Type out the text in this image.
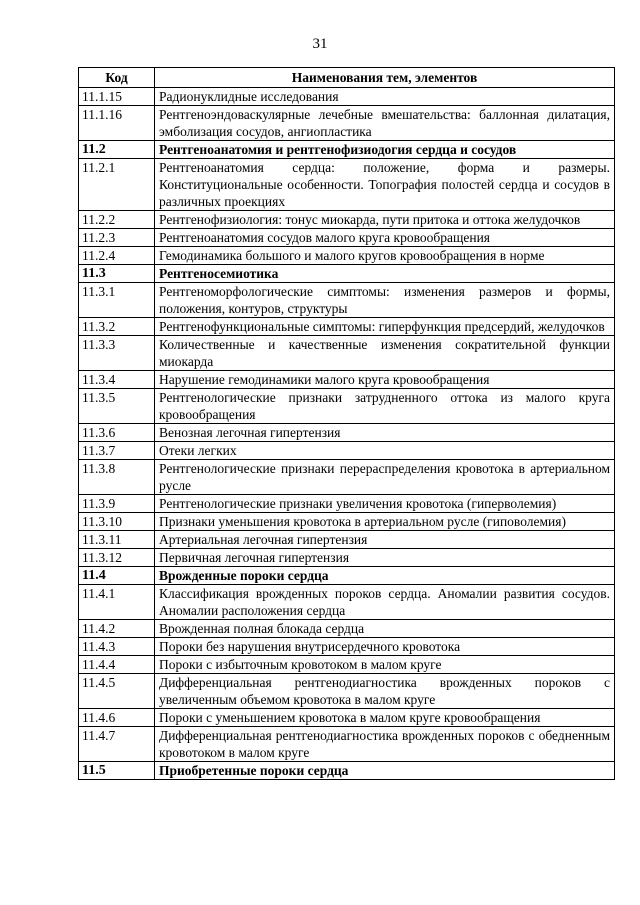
31
Код	Наименования тем, элементов
11.1.15	Радионуклидные исследования
11.1.16	Рентгеноэндоваскулярные лечебные вмешательства: баллонная дилатация, эмболизация сосудов, ангиопластика
11.2	Рентгеноанатомия и рентгенофизиодогия сердца и сосудов
11.2.1	Рентгеноанатомия сердца: положение, форма и размеры. Конституциональные особенности. Топография полостей сердца и сосудов в различных проекциях
11.2.2	Рентгенофизиология: тонус миокарда, пути притока и оттока желудочков
11.2.3	Рентгеноанатомия сосудов малого круга кровообращения
11.2.4	Гемодинамика большого и малого кругов кровообращения в норме
11.3	Рентгеносемиотика
11.3.1	Рентгеноморфологические симптомы: изменения размеров и формы, положения, контуров, структуры
11.3.2	Рентгенофункциональные симптомы: гиперфункция предсердий, желудочков
11.3.3	Количественные и качественные изменения сократительной функции миокарда
11.3.4	Нарушение гемодинамики малого круга кровообращения
11.3.5	Рентгенологические признаки затрудненного оттока из малого круга кровообращения
11.3.6	Венозная легочная гипертензия
11.3.7	Отеки легких
11.3.8	Рентгенологические признаки перераспределения кровотока в артериальном русле
11.3.9	Рентгенологические признаки увеличения кровотока (гиперволемия)
11.3.10	Признаки уменьшения кровотока в артериальном русле (гиповолемия)
11.3.11	Артериальная легочная гипертензия
11.3.12	Первичная легочная гипертензия
11.4	Врожденные пороки сердца
11.4.1	Классификация врожденных пороков сердца. Аномалии развития сосудов. Аномалии расположения сердца
11.4.2	Врожденная полная блокада сердца
11.4.3	Пороки без нарушения внутрисердечного кровотока
11.4.4	Пороки с избыточным кровотоком в малом круге
11.4.5	Дифференциальная рентгенодиагностика врожденных пороков с увеличенным объемом кровотока в малом круге
11.4.6	Пороки с уменьшением кровотока в малом круге кровообращения
11.4.7	Дифференциальная рентгенодиагностика врожденных пороков с обедненным кровотоком в малом круге
11.5	Приобретенные пороки сердца
